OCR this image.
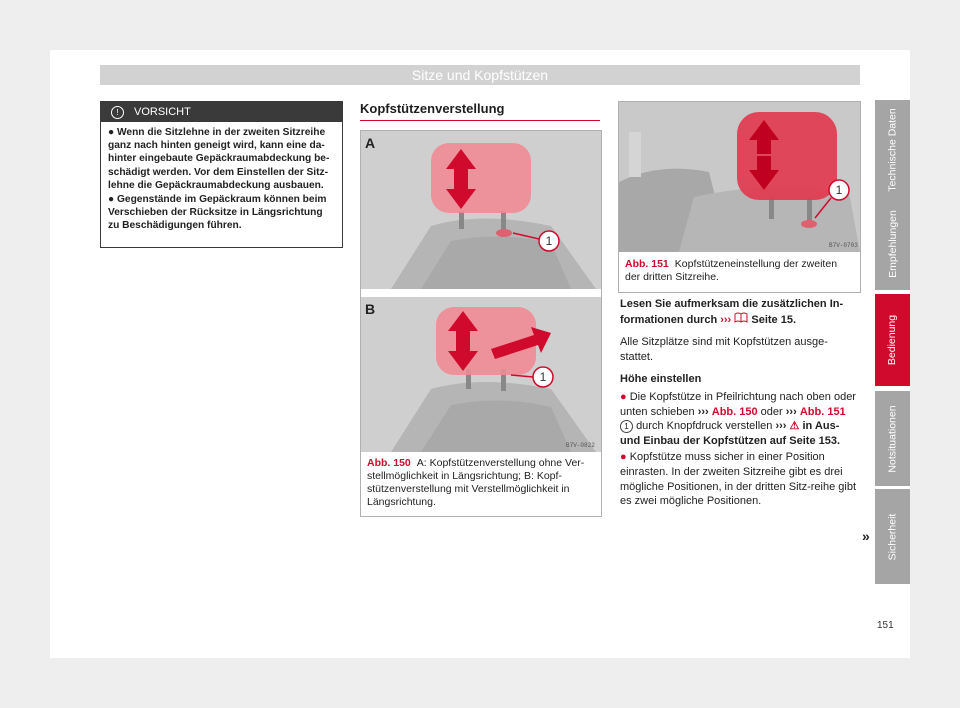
Sitze und Kopfstützen
!	VORSICHT

● Wenn die Sitzlehne in der zweiten Sitzreihe ganz nach hinten geneigt wird, kann eine da-hinter eingebaute Gepäckraumabdeckung be-schädigt werden. Vor dem Einstellen der Sitz-lehne die Gepäckraumabdeckung ausbauen.

● Gegenstände im Gepäckraum können beim Verschieben der Rücksitze in Längsrichtung zu Beschädigungen führen.

Kopfstützenverstellung
1
A
1
B
B7V-0822
Abb. 150 A: Kopfstützenverstellung ohne Ver-stellmöglichkeit in Längsrichtung; B: Kopf-stützenverstellung mit Verstellmöglichkeit in Längsrichtung.
1
B7V-0703
Abb. 151 Kopfstützeneinstellung der zweiten der dritten Sitzreihe.

Lesen Sie aufmerksam die zusätzlichen In-formationen durch ››› Seite 15.

Alle Sitzplätze sind mit Kopfstützen ausge-stattet.

Höhe einstellen

● Die Kopfstütze in Pfeilrichtung nach oben oder unten schieben ››› Abb. 150 oder ››› Abb. 151 1 durch Knopfdruck verstellen ››› ⚠ in Aus- und Einbau der Kopfstützen auf Seite 153.

● Kopfstütze muss sicher in einer Position einrasten. In der zweiten Sitzreihe gibt es drei mögliche Positionen, in der dritten Sitz-reihe gibt es zwei mögliche Positionen.

»
Technische Daten
Empfehlungen
Bedienung
Notsituationen
Sicherheit
151
